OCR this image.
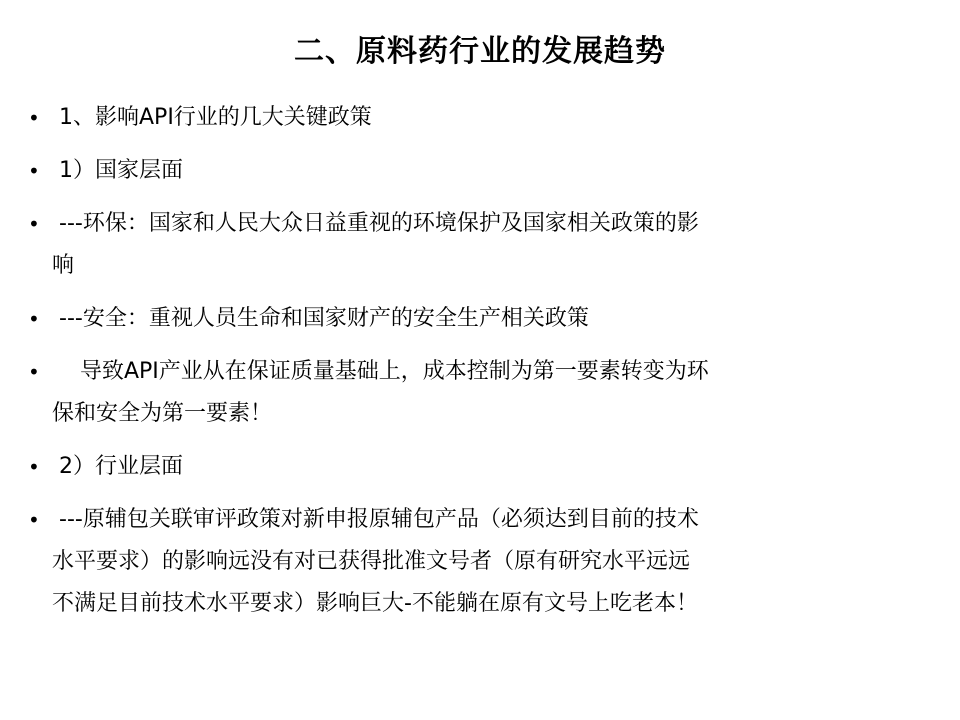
二、原料药行业的发展趋势
• 1、影响API行业的几大关键政策
• 1）国家层面
• ---环保：国家和人民大众日益重视的环境保护及国家相关政策的影
响
• ---安全：重视人员生命和国家财产的安全生产相关政策
•	导致API产业从在保证质量基础上，成本控制为第一要素转变为环
保和安全为第一要素！
• 2）行业层面
• ---原辅包关联审评政策对新申报原辅包产品（必须达到目前的技术
水平要求）的影响远没有对已获得批准文号者（原有研究水平远远
不满足目前技术水平要求）影响巨大-不能躺在原有文号上吃老本！
